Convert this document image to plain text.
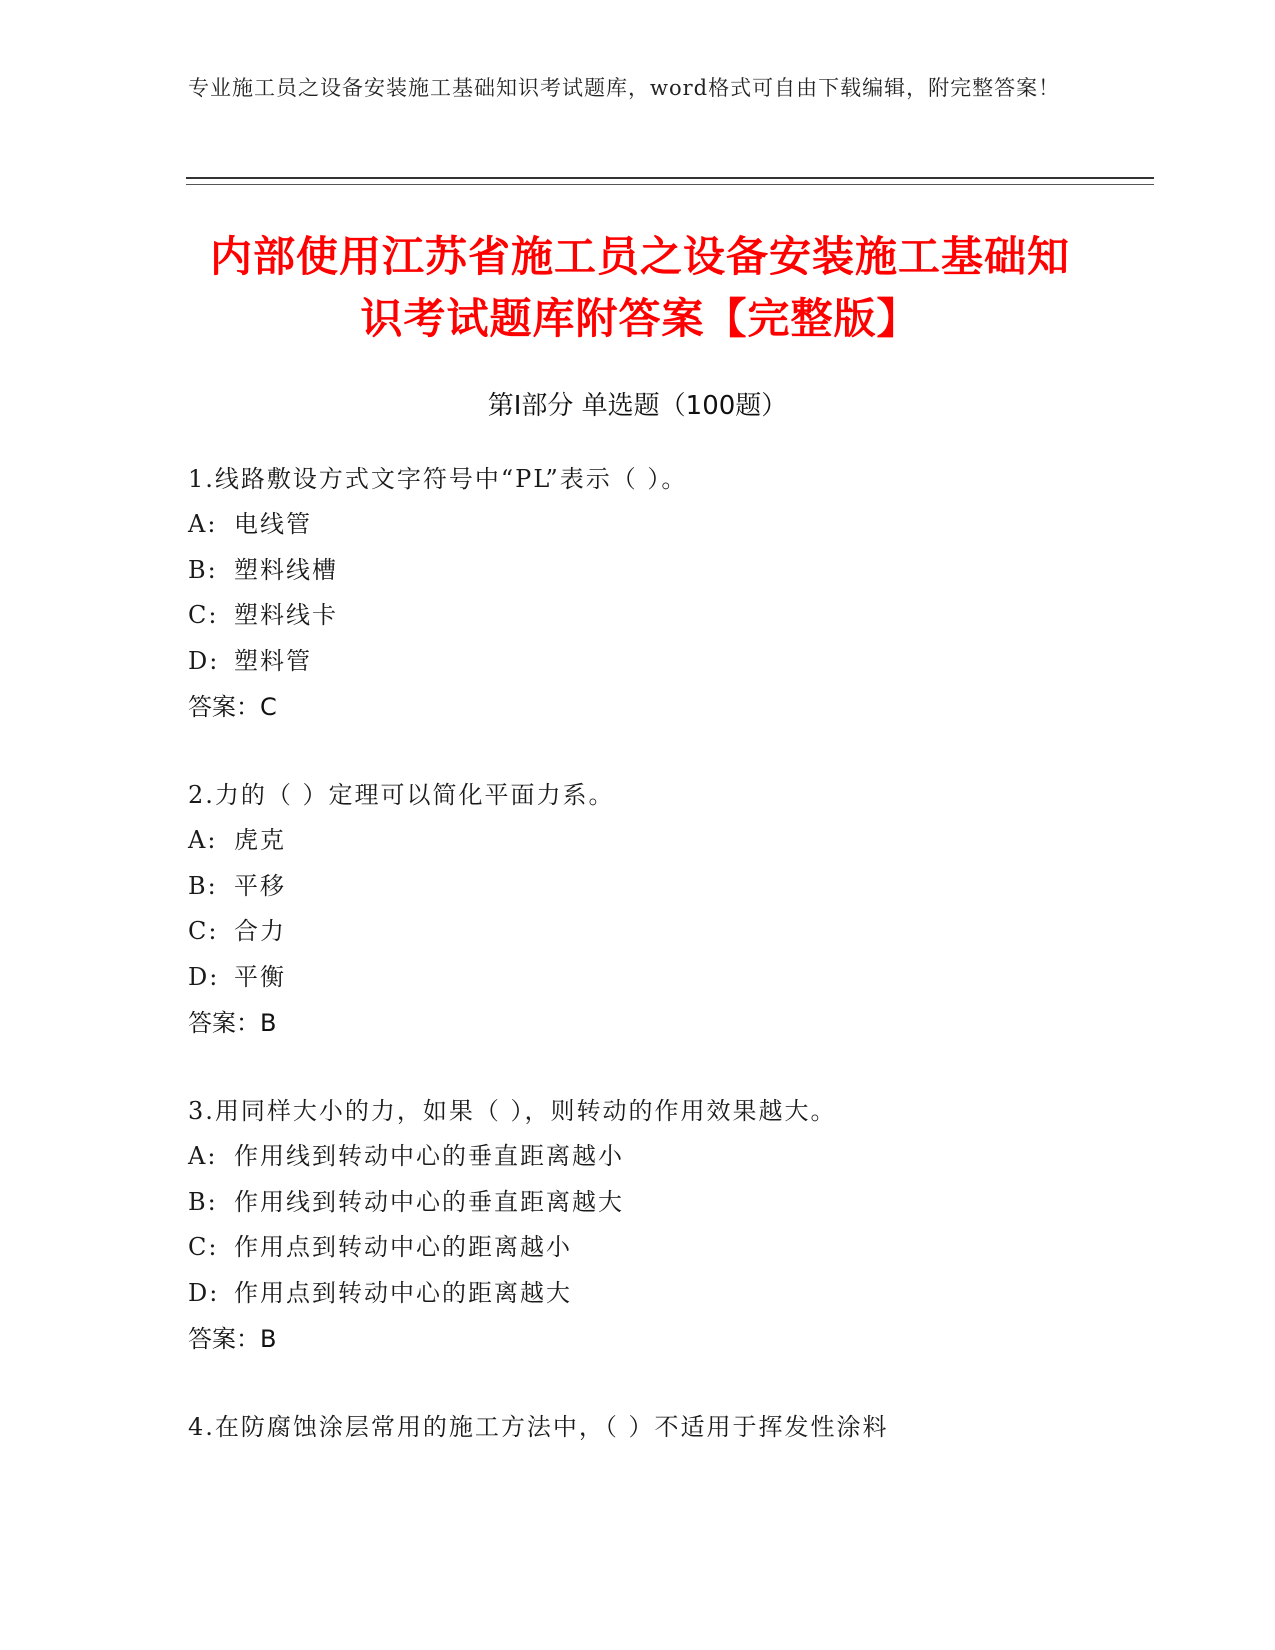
专业施工员之设备安装施工基础知识考试题库，word格式可自由下载编辑，附完整答案！
内部使用江苏省施工员之设备安装施工基础知识考试题库附答案【完整版】
第Ⅰ部分 单选题（100题）
1.线路敷设方式文字符号中“PL”表示（ ）。
A: 电线管
B: 塑料线槽
C: 塑料线卡
D: 塑料管
答案：C
2.力的（ ）定理可以简化平面力系。
A: 虎克
B: 平移
C: 合力
D: 平衡
答案：B
3.用同样大小的力，如果（ ），则转动的作用效果越大。
A: 作用线到转动中心的垂直距离越小
B: 作用线到转动中心的垂直距离越大
C: 作用点到转动中心的距离越小
D: 作用点到转动中心的距离越大
答案：B
4.在防腐蚀涂层常用的施工方法中，（ ）不适用于挥发性涂料
